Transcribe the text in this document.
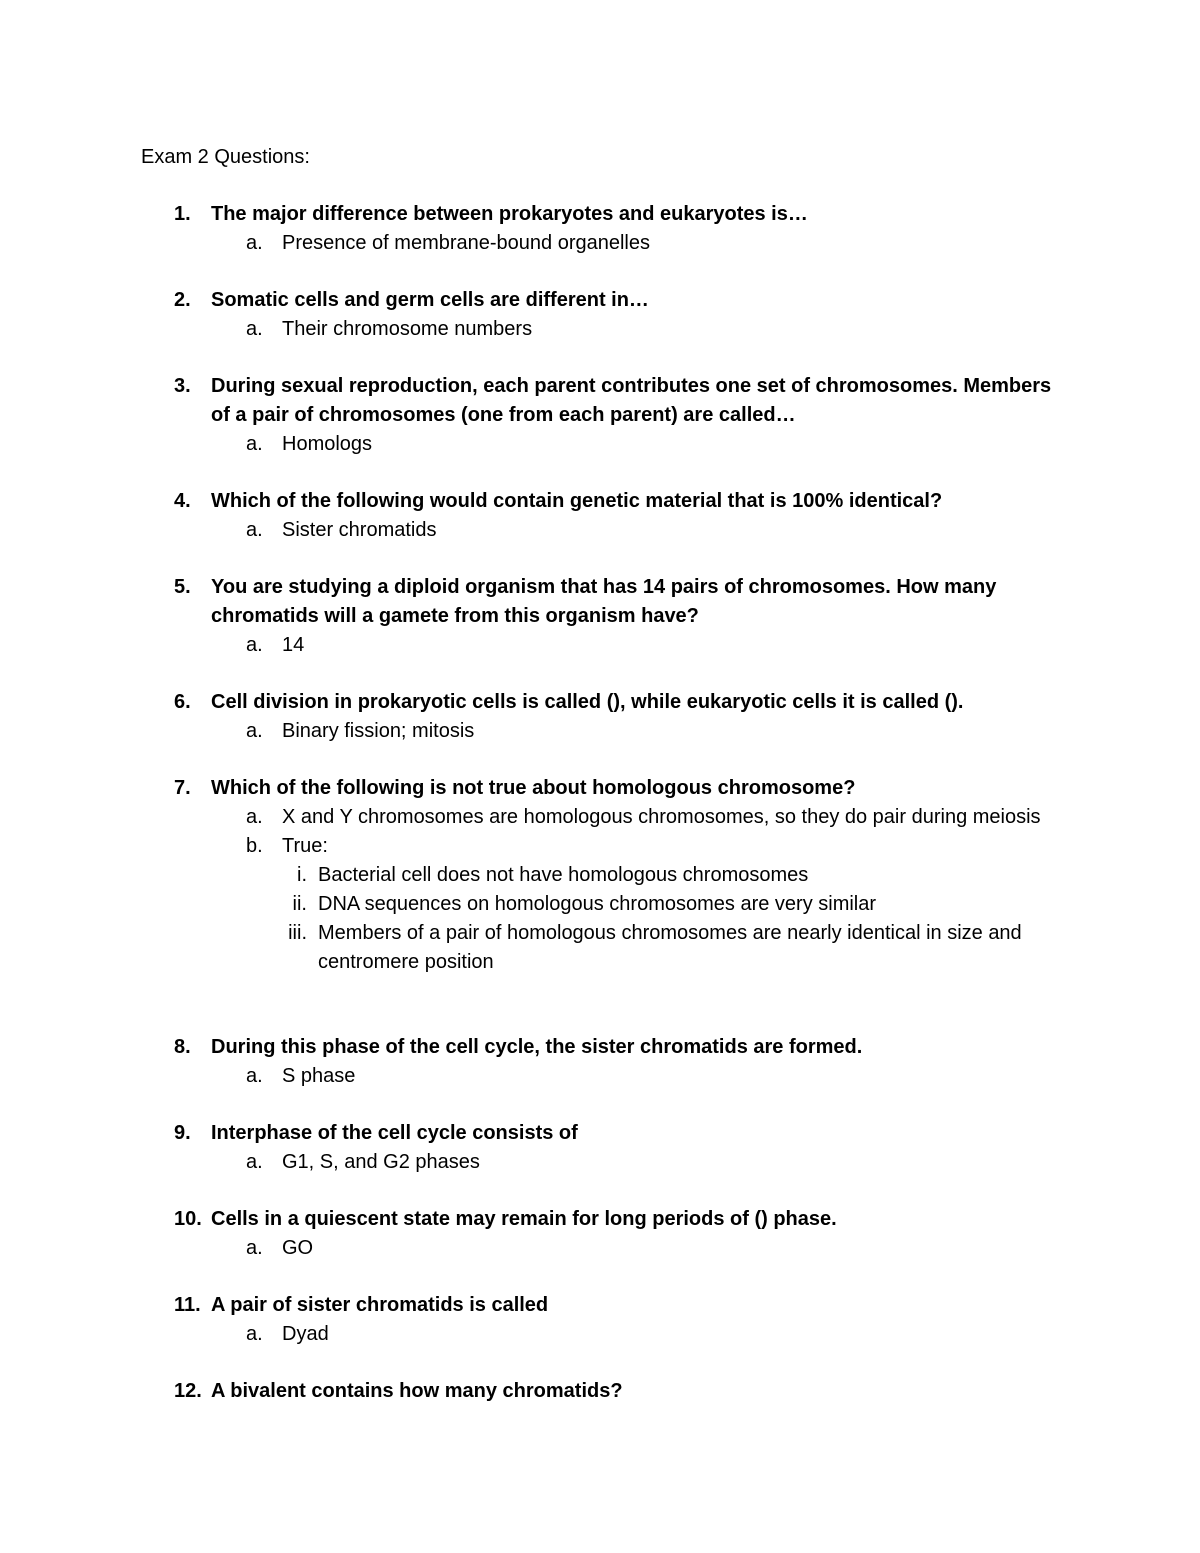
Exam 2 Questions:
1.	The major difference between prokaryotes and eukaryotes is…
a. Presence of membrane-bound organelles
2.	Somatic cells and germ cells are different in…
a. Their chromosome numbers
3.	During sexual reproduction, each parent contributes one set of chromosomes. Members of a pair of chromosomes (one from each parent) are called…
a. Homologs
4.	Which of the following would contain genetic material that is 100% identical?
a. Sister chromatids
5.	You are studying a diploid organism that has 14 pairs of chromosomes. How many chromatids will a gamete from this organism have?
a. 14
6.	Cell division in prokaryotic cells is called (), while eukaryotic cells it is called ().
a. Binary fission; mitosis
7.	Which of the following is not true about homologous chromosome?
a. X and Y chromosomes are homologous chromosomes, so they do pair during meiosis
b. True:
i. Bacterial cell does not have homologous chromosomes
ii. DNA sequences on homologous chromosomes are very similar
iii. Members of a pair of homologous chromosomes are nearly identical in size and centromere position
8.	During this phase of the cell cycle, the sister chromatids are formed.
a. S phase
9.	Interphase of the cell cycle consists of
a. G1, S, and G2 phases
10. Cells in a quiescent state may remain for long periods of () phase.
a. GO
11. A pair of sister chromatids is called
a. Dyad
12. A bivalent contains how many chromatids?
